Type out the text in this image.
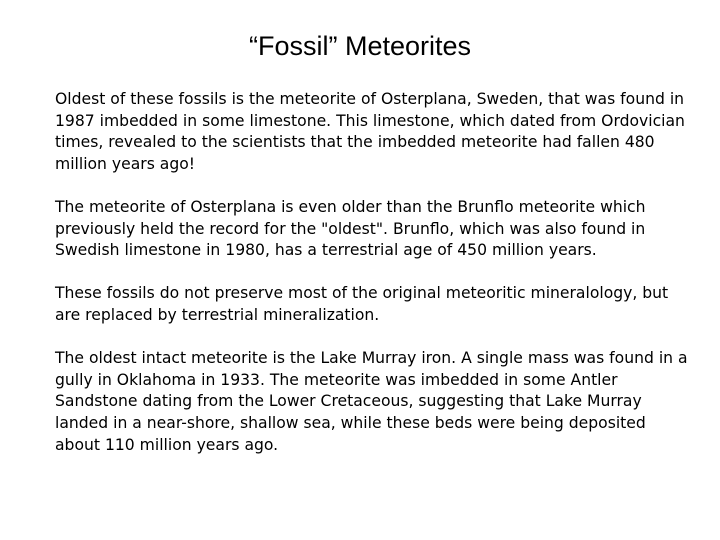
“Fossil” Meteorites

Oldest of these fossils is the meteorite of Osterplana, Sweden, that was found in 1987 imbedded in some limestone. This limestone, which dated from Ordovician times, revealed to the scientists that the imbedded meteorite had fallen 480 million years ago!

The meteorite of Osterplana is even older than the Brunflo meteorite which previously held the record for the "oldest". Brunflo, which was also found in Swedish limestone in 1980, has a terrestrial age of 450 million years.

These fossils do not preserve most of the original meteoritic mineralology, but are replaced by terrestrial mineralization.

The oldest intact meteorite is the Lake Murray iron. A single mass was found in a gully in Oklahoma in 1933. The meteorite was imbedded in some Antler Sandstone dating from the Lower Cretaceous, suggesting that Lake Murray landed in a near-shore, shallow sea, while these beds were being deposited about 110 million years ago.
